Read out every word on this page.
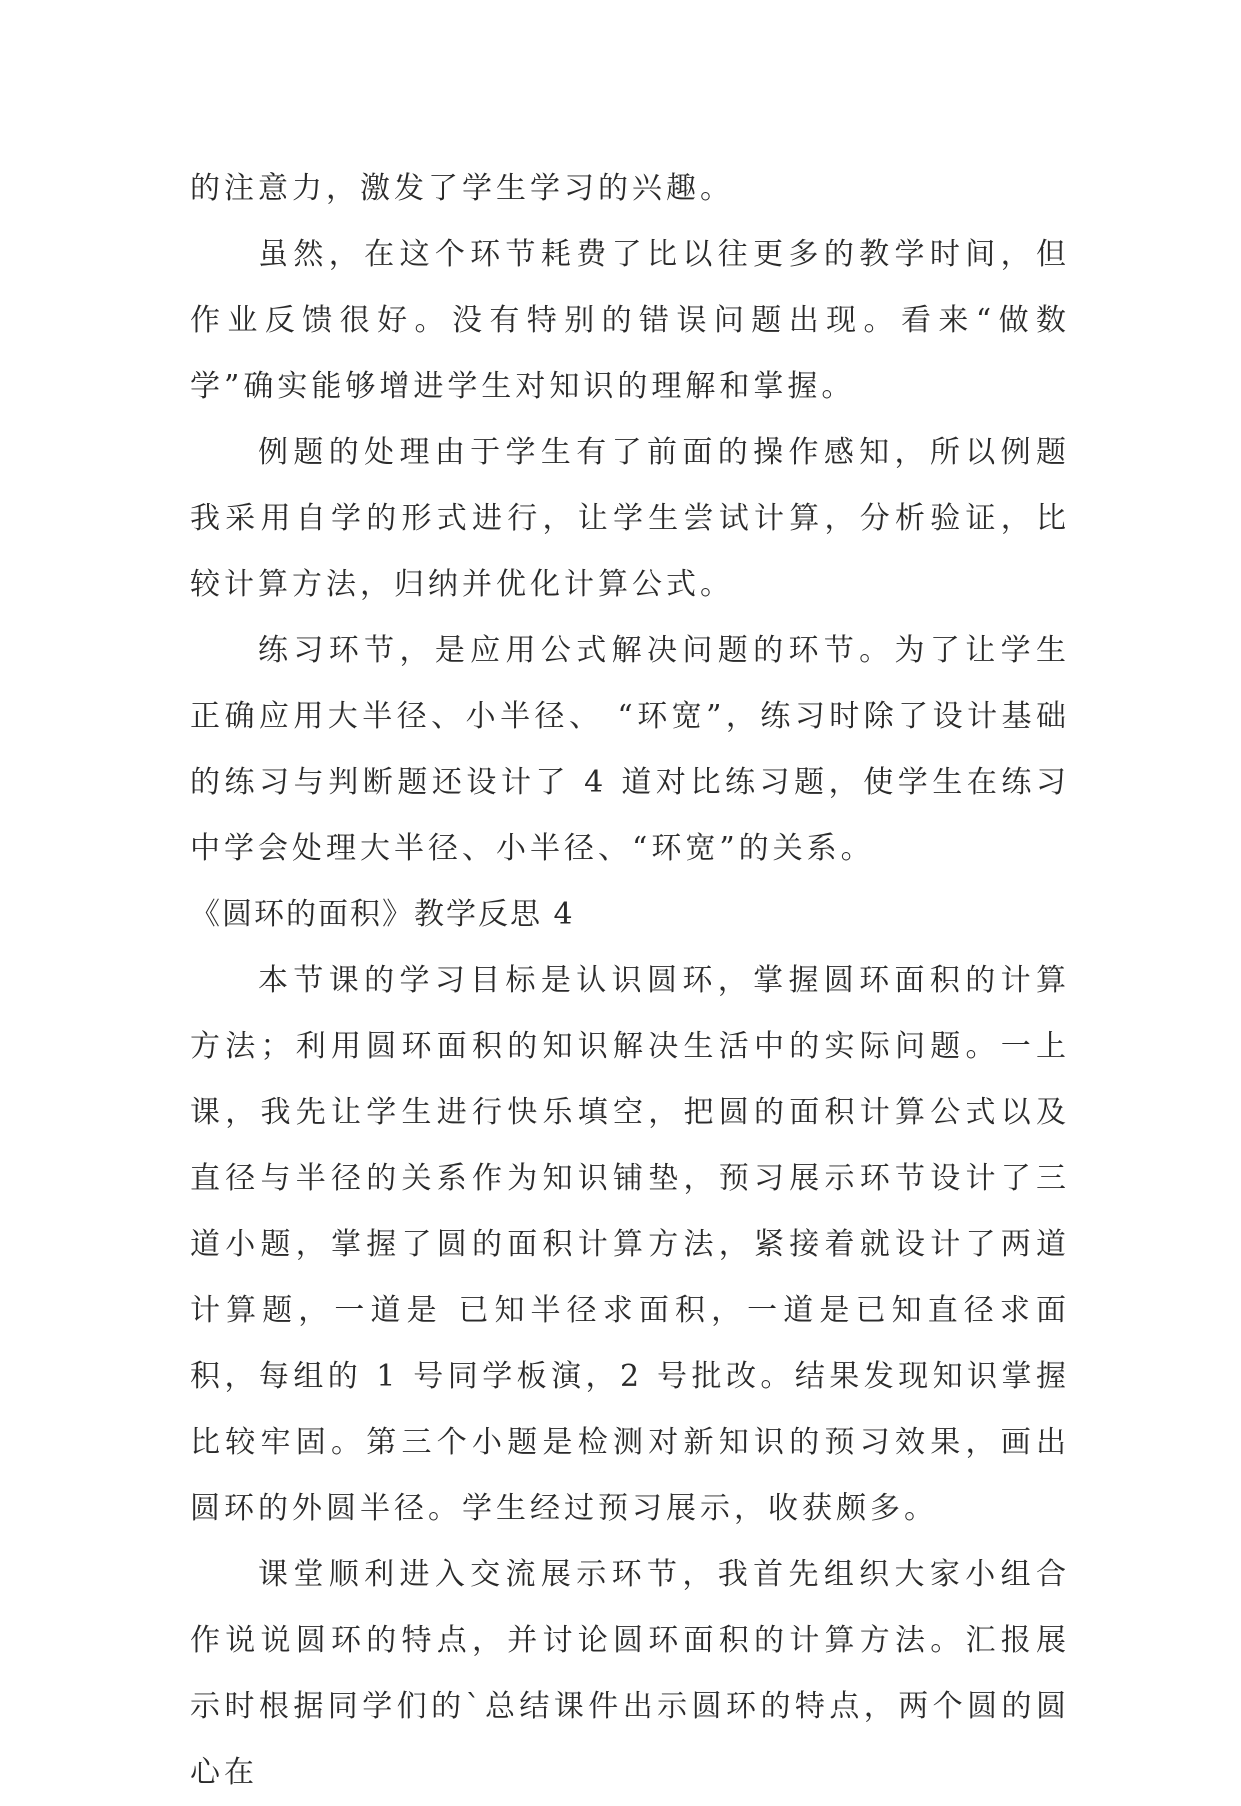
的注意力，激发了学生学习的兴趣。

虽然，在这个环节耗费了比以往更多的教学时间，但作业反馈很好。没有特别的错误问题出现。看来“做数学”确实能够增进学生对知识的理解和掌握。

例题的处理由于学生有了前面的操作感知，所以例题我采用自学的形式进行，让学生尝试计算，分析验证，比较计算方法，归纳并优化计算公式。

练习环节，是应用公式解决问题的环节。为了让学生正确应用大半径、小半径、 “环宽”，练习时除了设计基础的练习与判断题还设计了 4 道对比练习题，使学生在练习中学会处理大半径、小半径、“环宽”的关系。

《圆环的面积》教学反思 4

本节课的学习目标是认识圆环，掌握圆环面积的计算方法；利用圆环面积的知识解决生活中的实际问题。一上课，我先让学生进行快乐填空，把圆的面积计算公式以及直径与半径的关系作为知识铺垫，预习展示环节设计了三道小题，掌握了圆的面积计算方法，紧接着就设计了两道计算题，一道是 已知半径求面积，一道是已知直径求面积，每组的 1 号同学板演，2 号批改。结果发现知识掌握比较牢固。第三个小题是检测对新知识的预习效果，画出圆环的外圆半径。学生经过预习展示，收获颇多。

课堂顺利进入交流展示环节，我首先组织大家小组合作说说圆环的特点，并讨论圆环面积的计算方法。汇报展示时根据同学们的`总结课件出示圆环的特点，两个圆的圆心在
